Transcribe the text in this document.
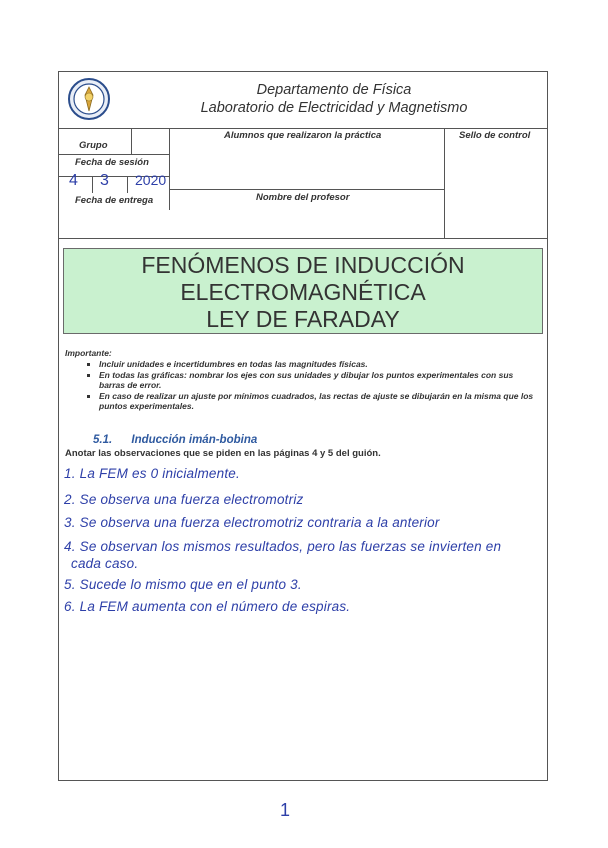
Departamento de Física
Laboratorio de Electricidad y Magnetismo
Grupo
Fecha de sesión
4 3 2020
Fecha de entrega
Alumnos que realizaron la práctica	Sello de control
Nombre del profesor
FENÓMENOS DE INDUCCIÓN
ELECTROMAGNÉTICA
LEY DE FARADAY
Importante:
▪ Incluir unidades e incertidumbres en todas las magnitudes físicas.
▪ En todas las gráficas: nombrar los ejes con sus unidades y dibujar los puntos experimentales con sus barras de error.
▪ En caso de realizar un ajuste por mínimos cuadrados, las rectas de ajuste se dibujarán en la misma que los puntos experimentales.
5.1. Inducción imán-bobina
Anotar las observaciones que se piden en las páginas 4 y 5 del guión.
1. La FEM es 0 inicialmente.
2. Se observa una fuerza electromotriz
3. Se observa una fuerza electromotriz contraria a la anterior
4. Se observan los mismos resultados, pero las fuerzas se invierten en
cada caso.
5. Sucede lo mismo que en el punto 3.
6. La FEM aumenta con el número de espiras.
1
